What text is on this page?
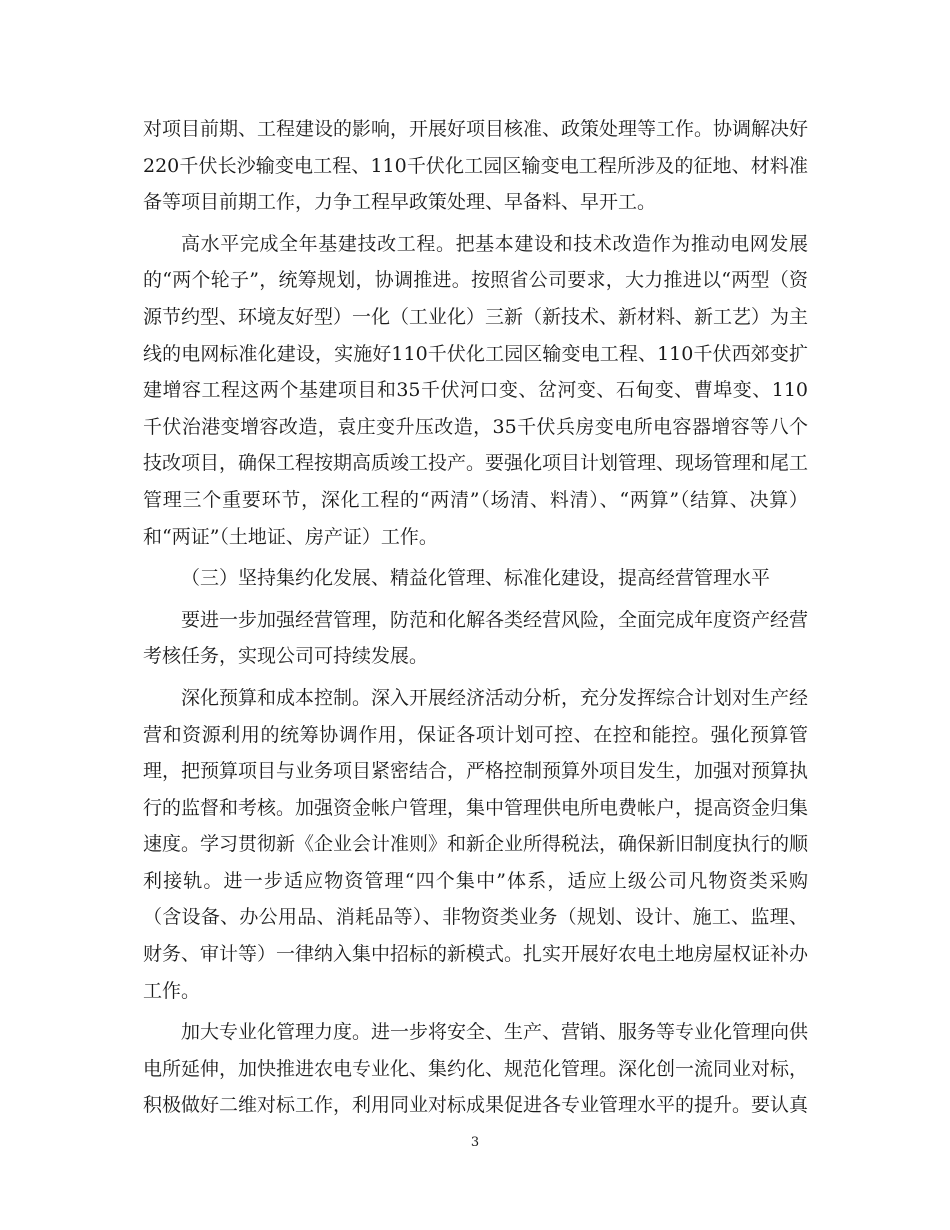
对项目前期、工程建设的影响，开展好项目核准、政策处理等工作。协调解决好220千伏长沙输变电工程、110千伏化工园区输变电工程所涉及的征地、材料准备等项目前期工作，力争工程早政策处理、早备料、早开工。

高水平完成全年基建技改工程。把基本建设和技术改造作为推动电网发展的“两个轮子”，统筹规划，协调推进。按照省公司要求，大力推进以“两型（资源节约型、环境友好型）一化（工业化）三新（新技术、新材料、新工艺）为主线的电网标准化建设，实施好110千伏化工园区输变电工程、110千伏西郊变扩建增容工程这两个基建项目和35千伏河口变、岔河变、石甸变、曹埠变、110千伏治港变增容改造，袁庄变升压改造，35千伏兵房变电所电容器增容等八个技改项目，确保工程按期高质竣工投产。要强化项目计划管理、现场管理和尾工管理三个重要环节，深化工程的“两清”（场清、料清）、“两算”（结算、决算）和“两证”（土地证、房产证）工作。

（三）坚持集约化发展、精益化管理、标准化建设，提高经营管理水平

要进一步加强经营管理，防范和化解各类经营风险，全面完成年度资产经营考核任务，实现公司可持续发展。

深化预算和成本控制。深入开展经济活动分析，充分发挥综合计划对生产经营和资源利用的统筹协调作用，保证各项计划可控、在控和能控。强化预算管理，把预算项目与业务项目紧密结合，严格控制预算外项目发生，加强对预算执行的监督和考核。加强资金帐户管理，集中管理供电所电费帐户，提高资金归集速度。学习贯彻新《企业会计准则》和新企业所得税法，确保新旧制度执行的顺利接轨。进一步适应物资管理“四个集中”体系，适应上级公司凡物资类采购（含设备、办公用品、消耗品等）、非物资类业务（规划、设计、施工、监理、财务、审计等）一律纳入集中招标的新模式。扎实开展好农电土地房屋权证补办工作。

加大专业化管理力度。进一步将安全、生产、营销、服务等专业化管理向供电所延伸，加快推进农电专业化、集约化、规范化管理。深化创一流同业对标，积极做好二维对标工作，利用同业对标成果促进各专业管理水平的提升。要认真

3
